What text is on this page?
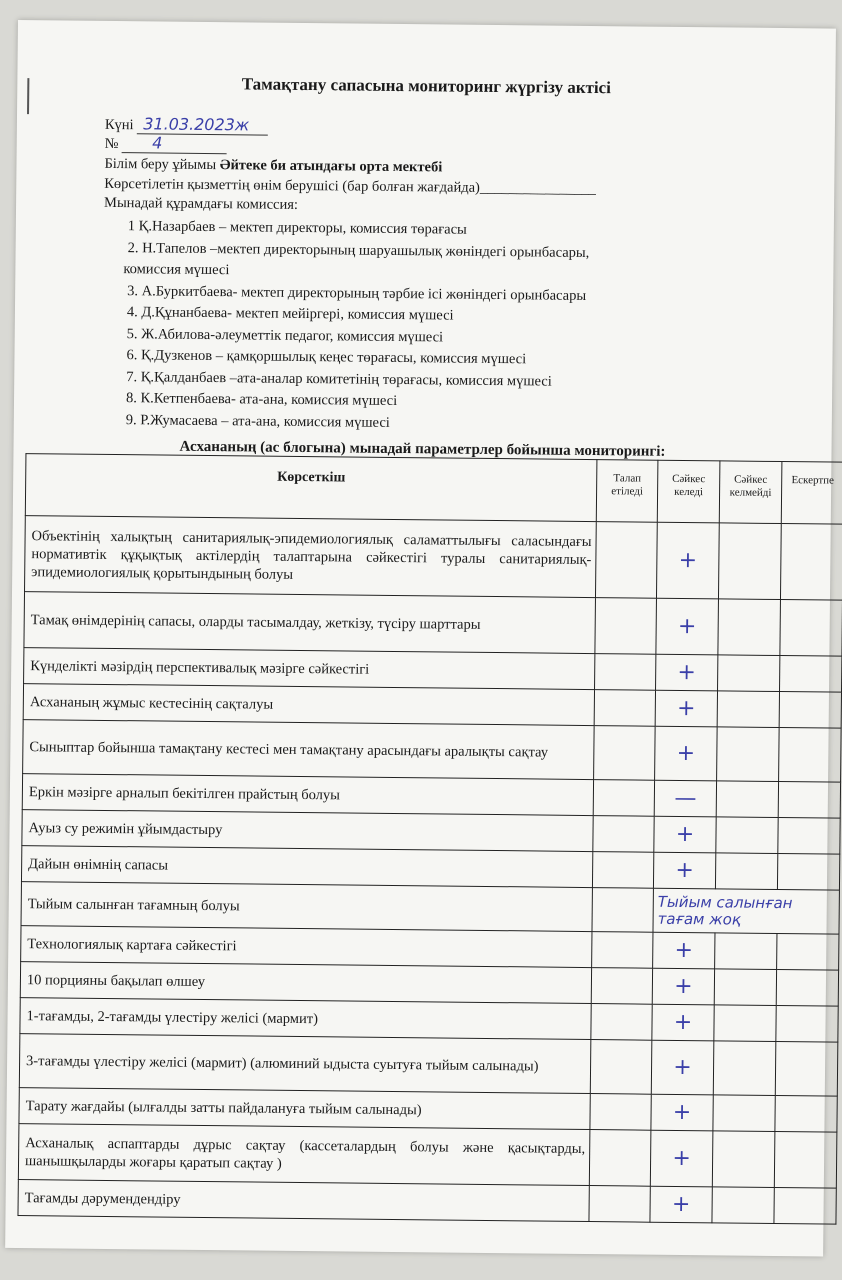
Тамақтану сапасына мониторинг жүргізу актісі
Күні 31.03.2023ж
№ 4
Білім беру ұйымы Әйтеке би атындағы орта мектебі
Көрсетілетін қызметтің өнім берушісі (бар болған жағдайда)________________
Мынадай құрамдағы комиссия:
1 Қ.Назарбаев – мектеп директоры, комиссия төрағасы
2. Н.Тапелов –мектеп директорының шаруашылық жөніндегі орынбасары,
комиссия мүшесі
3. А.Буркитбаева- мектеп директорының тәрбие ісі жөніндегі орынбасары
4. Д.Құнанбаева- мектеп мейіргері, комиссия мүшесі
5. Ж.Абилова-әлеуметтік педагог, комиссия мүшесі
6. Қ.Дузкенов – қамқоршылық кеңес төрағасы, комиссия мүшесі
7. Қ.Қалданбаев –ата-аналар комитетінің төрағасы, комиссия мүшесі
8. К.Кетпенбаева- ата-ана, комиссия мүшесі
9. Р.Жумасаева – ата-ана, комиссия мүшесі
Асхананың (ас блогына) мынадай параметрлер бойынша мониторингі:
Көрсеткіш	Талап етіледі	Сәйкес келеді	Сәйкес келмейді	Ескертпе
Объектінің халықтың санитариялық-эпидемиологиялық саламаттылығы саласындағы нормативтік құқықтық актілердің талаптарына сәйкестігі туралы санитариялық-эпидемиологиялық қорытындының болуы		+		
Тамақ өнімдерінің сапасы, оларды тасымалдау, жеткізу, түсіру шарттары		+		
Күнделікті мәзірдің перспективалық мәзірге сәйкестігі		+		
Асхананың жұмыс кестесінің сақталуы		+		
Сыныптар бойынша тамақтану кестесі мен тамақтану арасындағы аралықты сақтау		+		
Еркін мәзірге арналып бекітілген прайстың болуы		—		
Ауыз су режимін ұйымдастыру		+		
Дайын өнімнің сапасы		+		
Тыйым салынған тағамның болуы		Тыйым салынған
тағам жоқ		

Технологиялық картаға сәйкестігі		+		
10 порцияны бақылап өлшеу		+		
1-тағамды, 2-тағамды үлестіру желісі (мармит)		+		
3-тағамды үлестіру желісі (мармит) (алюминий ыдыста суытуға тыйым салынады)		+		
Тарату жағдайы (ылғалды затты пайдалануға тыйым салынады)		+		
Асханалық аспаптарды дұрыс сақтау (кассеталардың болуы және қасықтарды, шанышқыларды жоғары қаратып сақтау )		+		
Тағамды дәрумендендіру		+		
